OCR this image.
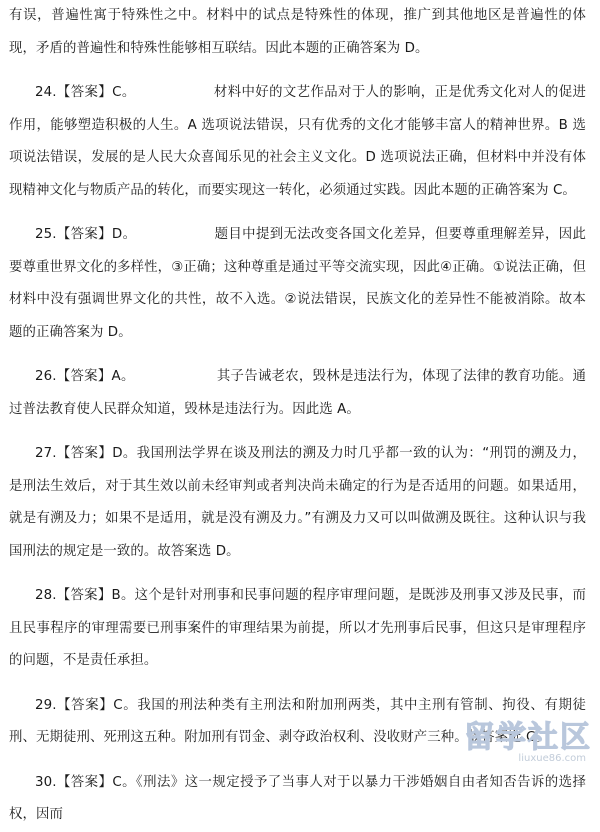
有误，普遍性寓于特殊性之中。材料中的试点是特殊性的体现，推广到其他地区是普遍性的体现，矛盾的普遍性和特殊性能够相互联结。因此本题的正确答案为 D。

24.【答案】C。	材料中好的文艺作品对于人的影响，正是优秀文化对人的促进作用，能够塑造积极的人生。A 选项说法错误，只有优秀的文化才能够丰富人的精神世界。B 选项说法错误，发展的是人民大众喜闻乐见的社会主义文化。D 选项说法正确，但材料中并没有体现精神文化与物质产品的转化，而要实现这一转化，必须通过实践。因此本题的正确答案为 C。

25.【答案】D。	题目中提到无法改变各国文化差异，但要尊重理解差异，因此要尊重世界文化的多样性，③正确；这种尊重是通过平等交流实现，因此④正确。①说法正确，但材料中没有强调世界文化的共性，故不入选。②说法错误，民族文化的差异性不能被消除。故本题的正确答案为 D。

26.【答案】A。	其子告诫老农，毁林是违法行为，体现了法律的教育功能。通过普法教育使人民群众知道，毁林是违法行为。因此选 A。

27.【答案】D。我国刑法学界在谈及刑法的溯及力时几乎都一致的认为：“刑罚的溯及力，是刑法生效后，对于其生效以前未经审判或者判决尚未确定的行为是否适用的问题。如果适用，就是有溯及力；如果不是适用，就是没有溯及力。”有溯及力又可以叫做溯及既往。这种认识与我国刑法的规定是一致的。故答案选 D。

28.【答案】B。这个是针对刑事和民事问题的程序审理问题，是既涉及刑事又涉及民事，而且民事程序的审理需要已刑事案件的审理结果为前提，所以才先刑事后民事，但这只是审理程序的问题，不是责任承担。

29.【答案】C。我国的刑法种类有主刑法和附加刑两类，其中主刑有管制、拘役、有期徒刑、无期徒刑、死刑这五种。附加刑有罚金、剥夺政治权利、没收财产三种。故答案选 C。

30.【答案】C。《刑法》这一规定授予了当事人对于以暴力干涉婚姻自由者知否告诉的选择权，因而

留学社区
liuxue86.com
